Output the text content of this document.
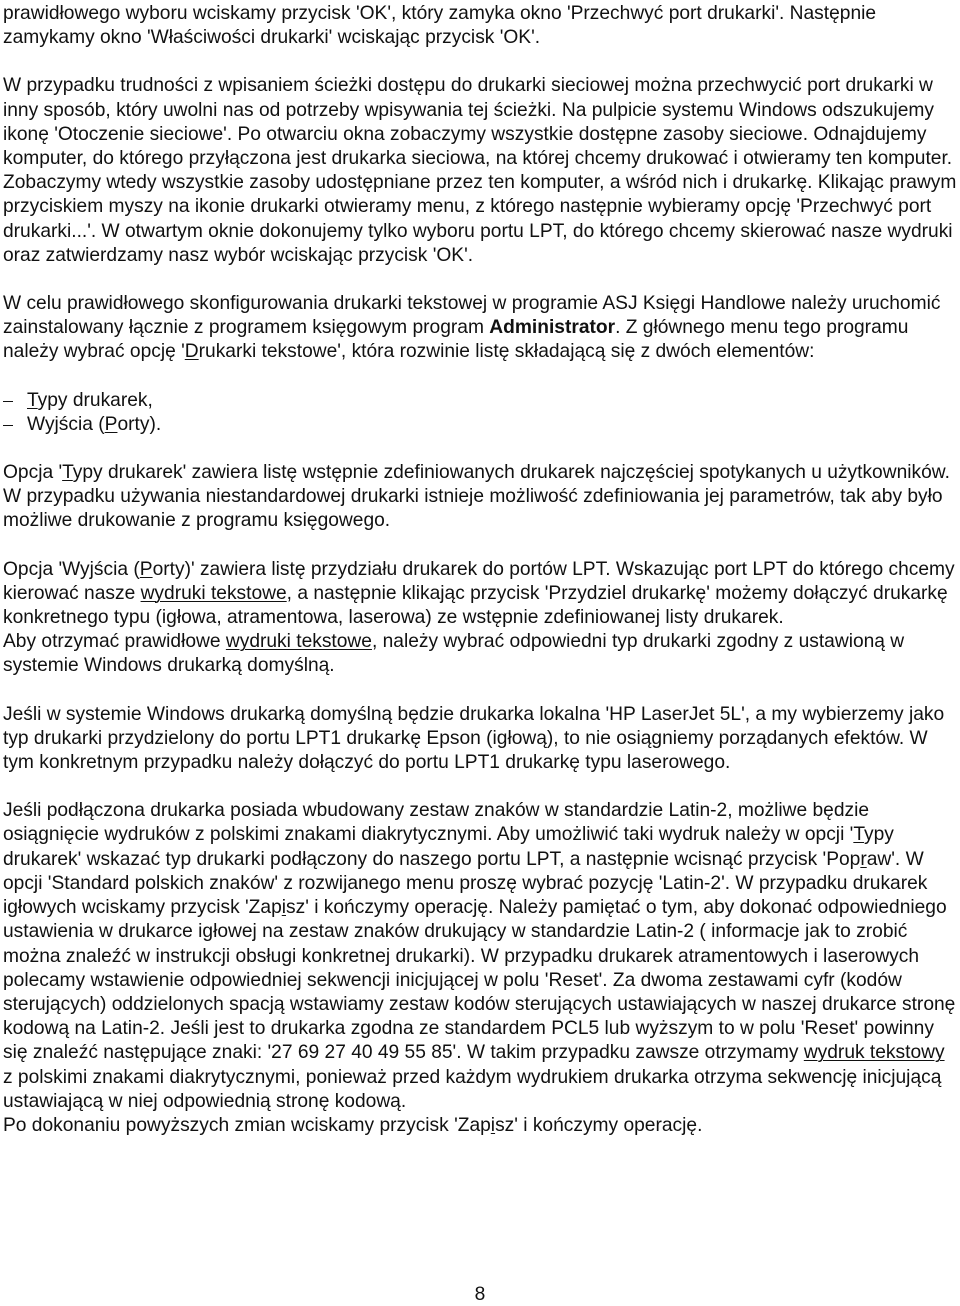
prawidłowego wyboru wciskamy przycisk 'OK', który zamyka okno 'Przechwyć port drukarki'. Następnie zamykamy okno 'Właściwości drukarki' wciskając przycisk 'OK'.

W przypadku trudności z wpisaniem ścieżki dostępu do drukarki sieciowej można przechwycić port drukarki w inny sposób, który uwolni nas od potrzeby wpisywania tej ścieżki. Na pulpicie systemu Windows odszukujemy ikonę 'Otoczenie sieciowe'. Po otwarciu okna zobaczymy wszystkie dostępne zasoby sieciowe. Odnajdujemy komputer, do którego przyłączona jest drukarka sieciowa, na której chcemy drukować i otwieramy ten komputer. Zobaczymy wtedy wszystkie zasoby udostępniane przez ten komputer, a wśród nich i drukarkę. Klikając prawym przyciskiem myszy na ikonie drukarki otwieramy menu, z którego następnie wybieramy opcję 'Przechwyć port drukarki...'. W otwartym oknie dokonujemy tylko wyboru portu LPT, do którego chcemy skierować nasze wydruki oraz zatwierdzamy nasz wybór wciskając przycisk 'OK'.

W celu prawidłowego skonfigurowania drukarki tekstowej w programie ASJ Księgi Handlowe należy uruchomić zainstalowany łącznie z programem księgowym program Administrator. Z głównego menu tego programu należy wybrać opcję 'Drukarki tekstowe', która rozwinie listę składającą się z dwóch elementów:

Typy drukarek,
Wyjścia (Porty).

Opcja 'Typy drukarek' zawiera listę wstępnie zdefiniowanych drukarek najczęściej spotykanych u użytkowników. W przypadku używania niestandardowej drukarki istnieje możliwość zdefiniowania jej parametrów, tak aby było możliwe drukowanie z programu księgowego.

Opcja 'Wyjścia (Porty)' zawiera listę przydziału drukarek do portów LPT. Wskazując port LPT do którego chcemy kierować nasze wydruki tekstowe, a następnie klikając przycisk 'Przydziel drukarkę' możemy dołączyć drukarkę konkretnego typu (igłowa, atramentowa, laserowa) ze wstępnie zdefiniowanej listy drukarek.

Aby otrzymać prawidłowe wydruki tekstowe, należy wybrać odpowiedni typ drukarki zgodny z ustawioną w systemie Windows drukarką domyślną.

Jeśli w systemie Windows drukarką domyślną będzie drukarka lokalna 'HP LaserJet 5L', a my wybierzemy jako typ drukarki przydzielony do portu LPT1 drukarkę Epson (igłową), to nie osiągniemy porządanych efektów. W tym konkretnym przypadku należy dołączyć do portu LPT1 drukarkę typu laserowego.

Jeśli podłączona drukarka posiada wbudowany zestaw znaków w standardzie Latin-2, możliwe będzie osiągnięcie wydruków z polskimi znakami diakrytycznymi. Aby umożliwić taki wydruk należy w opcji 'Typy drukarek' wskazać typ drukarki podłączony do naszego portu LPT, a następnie wcisnąć przycisk 'Popraw'. W opcji 'Standard polskich znaków' z rozwijanego menu proszę wybrać pozycję 'Latin-2'. W przypadku drukarek igłowych wciskamy przycisk 'Zapisz' i kończymy operację. Należy pamiętać o tym, aby dokonać odpowiedniego ustawienia w drukarce igłowej na zestaw znaków drukujący w standardzie Latin-2 ( informacje jak to zrobić można znaleźć w instrukcji obsługi konkretnej drukarki). W przypadku drukarek atramentowych i laserowych polecamy wstawienie odpowiedniej sekwencji inicjującej w polu 'Reset'. Za dwoma zestawami cyfr (kodów sterujących) oddzielonych spacją wstawiamy zestaw kodów sterujących ustawiających w naszej drukarce stronę kodową na Latin-2. Jeśli jest to drukarka zgodna ze standardem PCL5 lub wyższym to w polu 'Reset' powinny się znaleźć następujące znaki: '27 69 27 40 49 55 85'. W takim przypadku zawsze otrzymamy wydruk tekstowy z polskimi znakami diakrytycznymi, ponieważ przed każdym wydrukiem drukarka otrzyma sekwencję inicjującą ustawiającą w niej odpowiednią stronę kodową.

Po dokonaniu powyższych zmian wciskamy przycisk 'Zapisz' i kończymy operację.

8
